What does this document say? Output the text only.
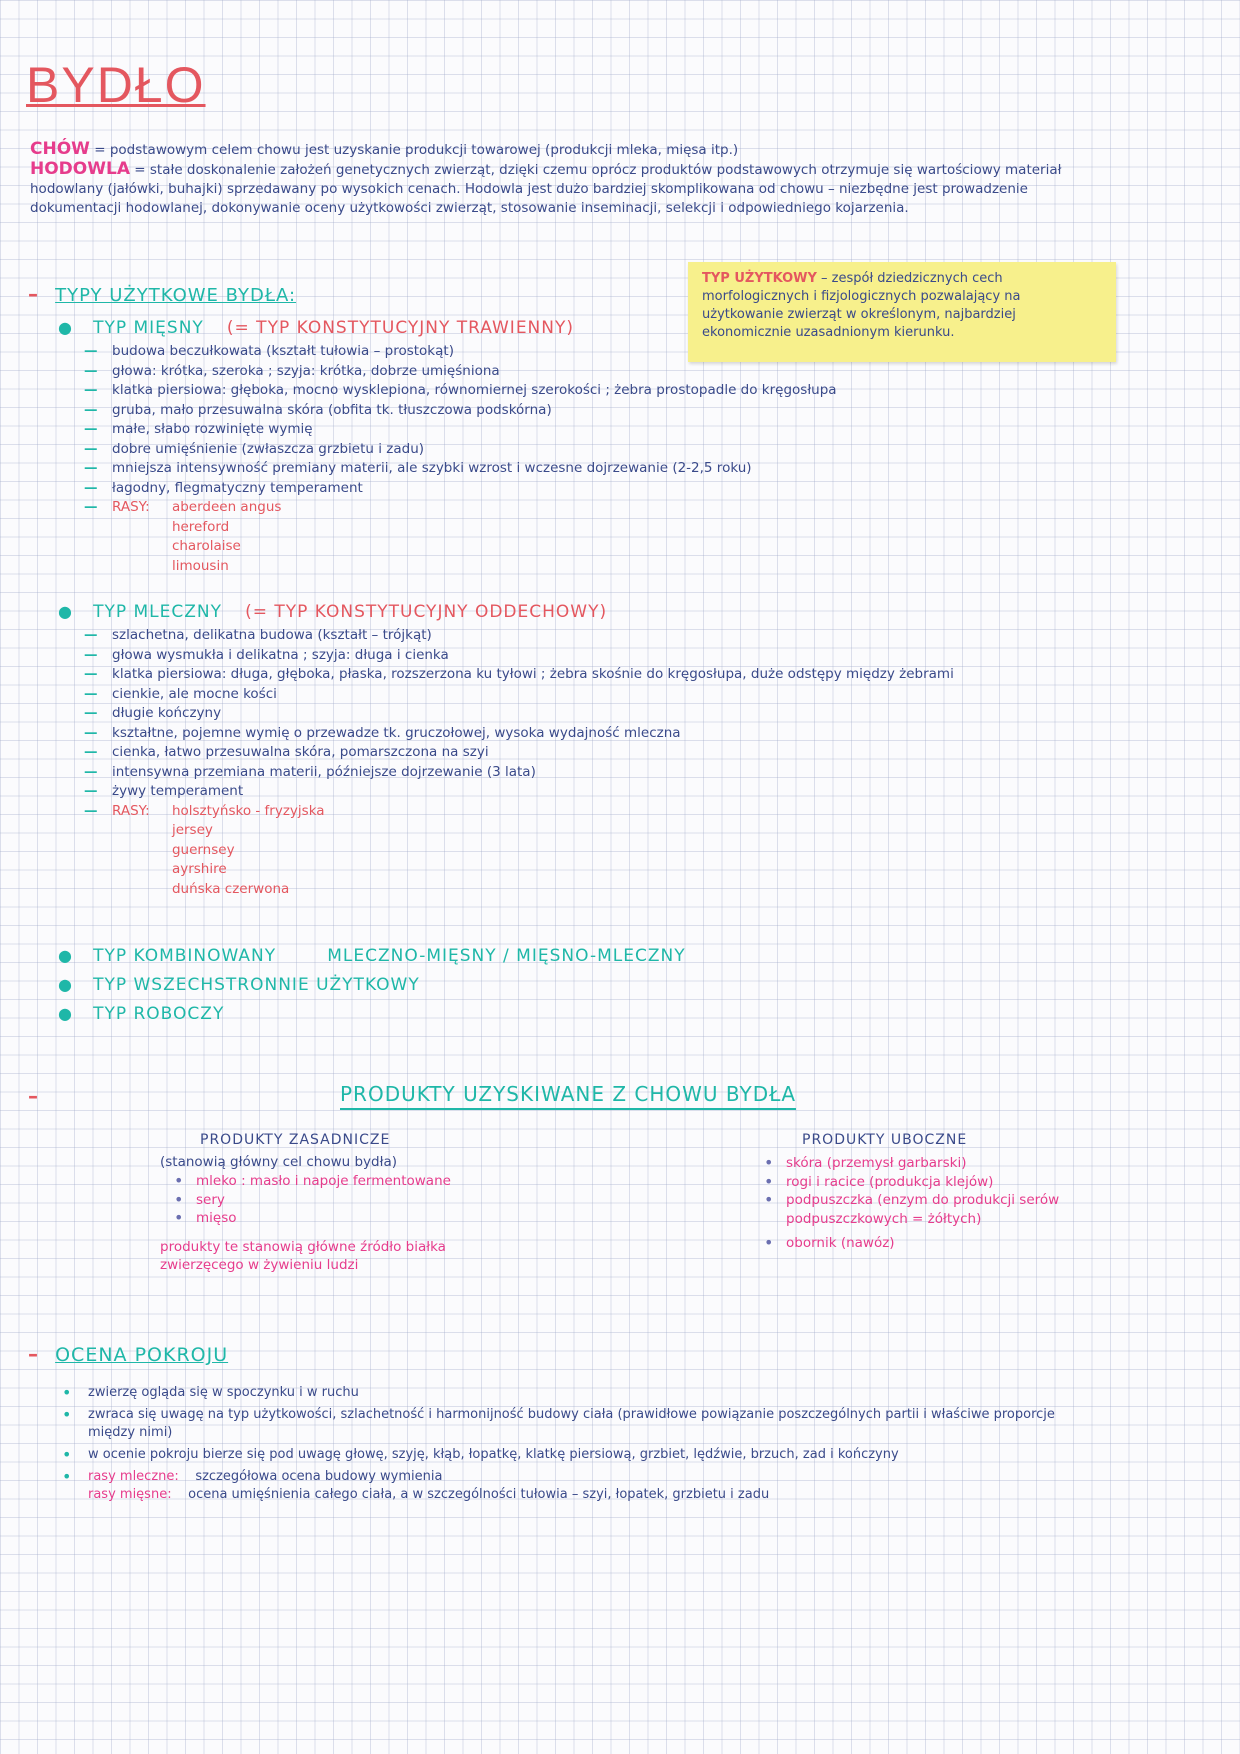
BYDŁO

CHÓW = podstawowym celem chowu jest uzyskanie produkcji towarowej (produkcji mleka, mięsa itp.)

HODOWLA = stałe doskonalenie założeń genetycznych zwierząt, dzięki czemu oprócz produktów podstawowych otrzymuje się wartościowy materiał hodowlany (jałówki, buhajki) sprzedawany po wysokich cenach. Hodowla jest dużo bardziej skomplikowana od chowu – niezbędne jest prowadzenie dokumentacji hodowlanej, dokonywanie oceny użytkowości zwierząt, stosowanie inseminacji, selekcji i odpowiedniego kojarzenia.

TYP UŻYTKOWY – zespół dziedzicznych cech morfologicznych i fizjologicznych pozwalający na użytkowanie zwierząt w określonym, najbardziej ekonomicznie uzasadnionym kierunku.
– TYPY UŻYTKOWE BYDŁA:
● TYP MIĘSNY (= TYP KONSTYTUCYJNY TRAWIENNY)
— budowa beczułkowata (kształt tułowia – prostokąt)
— głowa: krótka, szeroka ; szyja: krótka, dobrze umięśniona
— klatka piersiowa: głęboka, mocno wysklepiona, równomiernej szerokości ; żebra prostopadle do kręgosłupa
— gruba, mało przesuwalna skóra (obfita tk. tłuszczowa podskórna)
— małe, słabo rozwinięte wymię
— dobre umięśnienie (zwłaszcza grzbietu i zadu)
— mniejsza intensywność premiany materii, ale szybki wzrost i wczesne dojrzewanie (2-2,5 roku)
— łagodny, flegmatyczny temperament
— RASY: aberdeen angus
hereford
charolaise
limousin
● TYP MLECZNY (= TYP KONSTYTUCYJNY ODDECHOWY)
— szlachetna, delikatna budowa (kształt – trójkąt)
— głowa wysmukła i delikatna ; szyja: długa i cienka
— klatka piersiowa: długa, głęboka, płaska, rozszerzona ku tyłowi ; żebra skośnie do kręgosłupa, duże odstępy między żebrami
— cienkie, ale mocne kości
— długie kończyny
— kształtne, pojemne wymię o przewadze tk. gruczołowej, wysoka wydajność mleczna
— cienka, łatwo przesuwalna skóra, pomarszczona na szyi
— intensywna przemiana materii, późniejsze dojrzewanie (3 lata)
— żywy temperament
— RASY: holsztyńsko - fryzyjska
jersey
guernsey
ayrshire
duńska czerwona
● TYP KOMBINOWANY	MLECZNO-MIĘSNY / MIĘSNO-MLECZNY
● TYP WSZECHSTRONNIE UŻYTKOWY
● TYP ROBOCZY
–	PRODUKTY UZYSKIWANE Z CHOWU BYDŁA
PRODUKTY ZASADNICZE
(stanowią główny cel chowu bydła)
• mleko : masło i napoje fermentowane
• sery
• mięso
produkty te stanowią główne źródło białka zwierzęcego w żywieniu ludzi
PRODUKTY UBOCZNE
• skóra (przemysł garbarski)
• rogi i racice (produkcja klejów)
• podpuszczka (enzym do produkcji serów podpuszczkowych = żółtych)
• obornik (nawóz)
– OCENA POKROJU
• zwierzę ogląda się w spoczynku i w ruchu
• zwraca się uwagę na typ użytkowości, szlachetność i harmonijność budowy ciała (prawidłowe powiązanie poszczególnych partii i właściwe proporcje między nimi)
• w ocenie pokroju bierze się pod uwagę głowę, szyję, kłąb, łopatkę, klatkę piersiową, grzbiet, lędźwie, brzuch, zad i kończyny
• rasy mleczne: szczegółowa ocena budowy wymienia
rasy mięsne: ocena umięśnienia całego ciała, a w szczególności tułowia – szyi, łopatek, grzbietu i zadu
